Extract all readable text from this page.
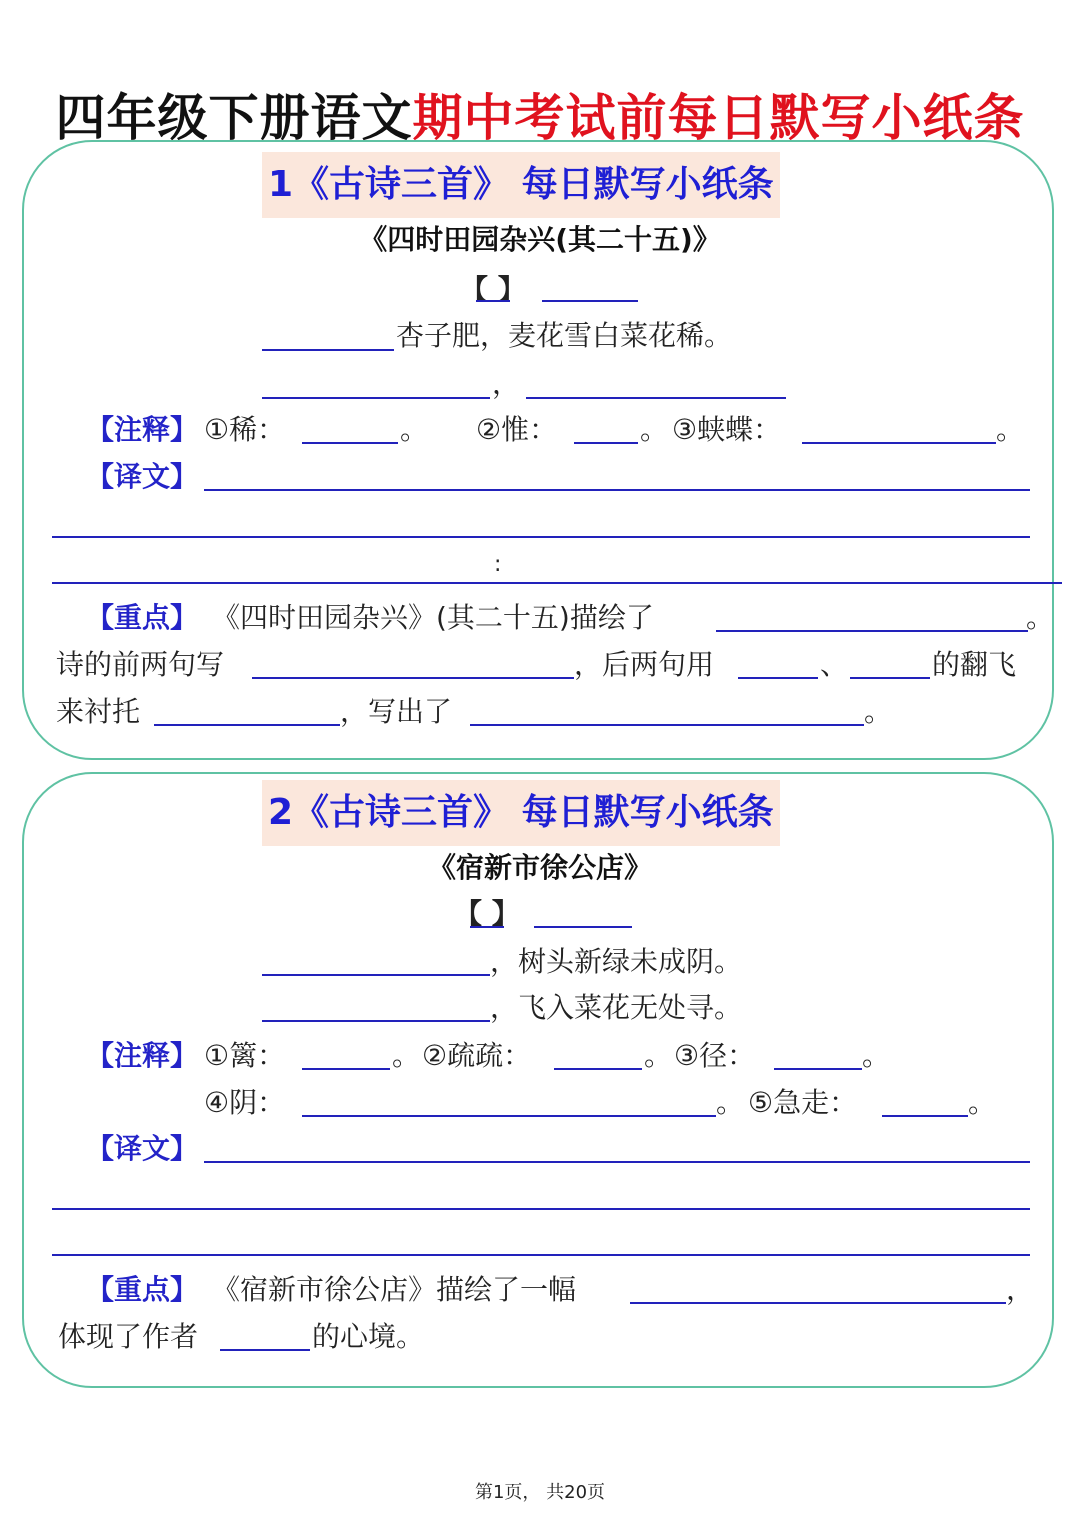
四年级下册语文期中考试前每日默写小纸条
1《古诗三首》 每日默写小纸条
《四时田园杂兴(其二十五)》
【 】
杏子肥，麦花雪白菜花稀。
，
【注释】 ①稀：	。 ②惟：	。 ③蛱蝶：	。
【译文】
:
【重点】 《四时田园杂兴》(其二十五)描绘了	。
诗的前两句写	，后两句用	、	的翻飞
来衬托	，写出了	。
2《古诗三首》 每日默写小纸条
《宿新市徐公店》
【 】
，树头新绿未成阴。
，飞入菜花无处寻。
【注释】 ①篱：	。 ②疏疏：	。 ③径：	。
④阴：	。 ⑤急走：	。
【译文】
【重点】 《宿新市徐公店》描绘了一幅	，
体现了作者	的心境。
第1页， 共20页
